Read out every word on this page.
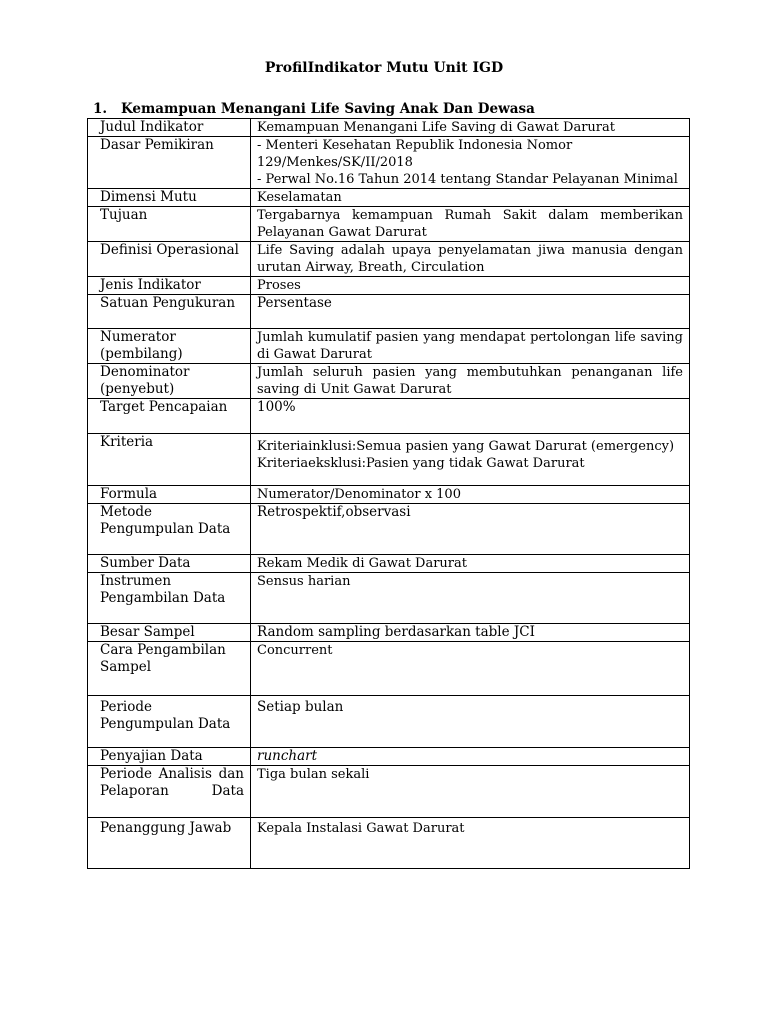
ProfilIndikator Mutu Unit IGD
1. Kemampuan Menangani Life Saving Anak Dan Dewasa
Judul Indikator	Kemampuan Menangani Life Saving di Gawat Darurat
Dasar Pemikiran	- Menteri Kesehatan Republik Indonesia Nomor
129/Menkes/SK/II/2018
- Perwal No.16 Tahun 2014 tentang Standar Pelayanan Minimal

Dimensi Mutu	Keselamatan
Tujuan	Tergabarnya kemampuan Rumah Sakit dalam memberikan Pelayanan Gawat Darurat
Definisi Operasional	Life Saving adalah upaya penyelamatan jiwa manusia dengan urutan Airway, Breath, Circulation
Jenis Indikator	Proses
Satuan Pengukuran	Persentase
Numerator (pembilang)	Jumlah kumulatif pasien yang mendapat pertolongan life saving di Gawat Darurat
Denominator (penyebut)	Jumlah seluruh pasien yang membutuhkan penanganan life saving di Unit Gawat Darurat
Target Pencapaian	100%
Kriteria	Kriteriainklusi:Semua pasien yang Gawat Darurat (emergency)
Kriteriaeksklusi:Pasien yang tidak Gawat Darurat

Formula	Numerator/Denominator x 100
Metode Pengumpulan Data	Retrospektif,observasi
Sumber Data	Rekam Medik di Gawat Darurat
Instrumen Pengambilan Data	Sensus harian
Besar Sampel	Random sampling berdasarkan table JCI
Cara Pengambilan Sampel	Concurrent
Periode Pengumpulan Data	Setiap bulan
Penyajian Data	runchart
Periode Analisis dan Pelaporan Data	Tiga bulan sekali
Penanggung Jawab	Kepala Instalasi Gawat Darurat
